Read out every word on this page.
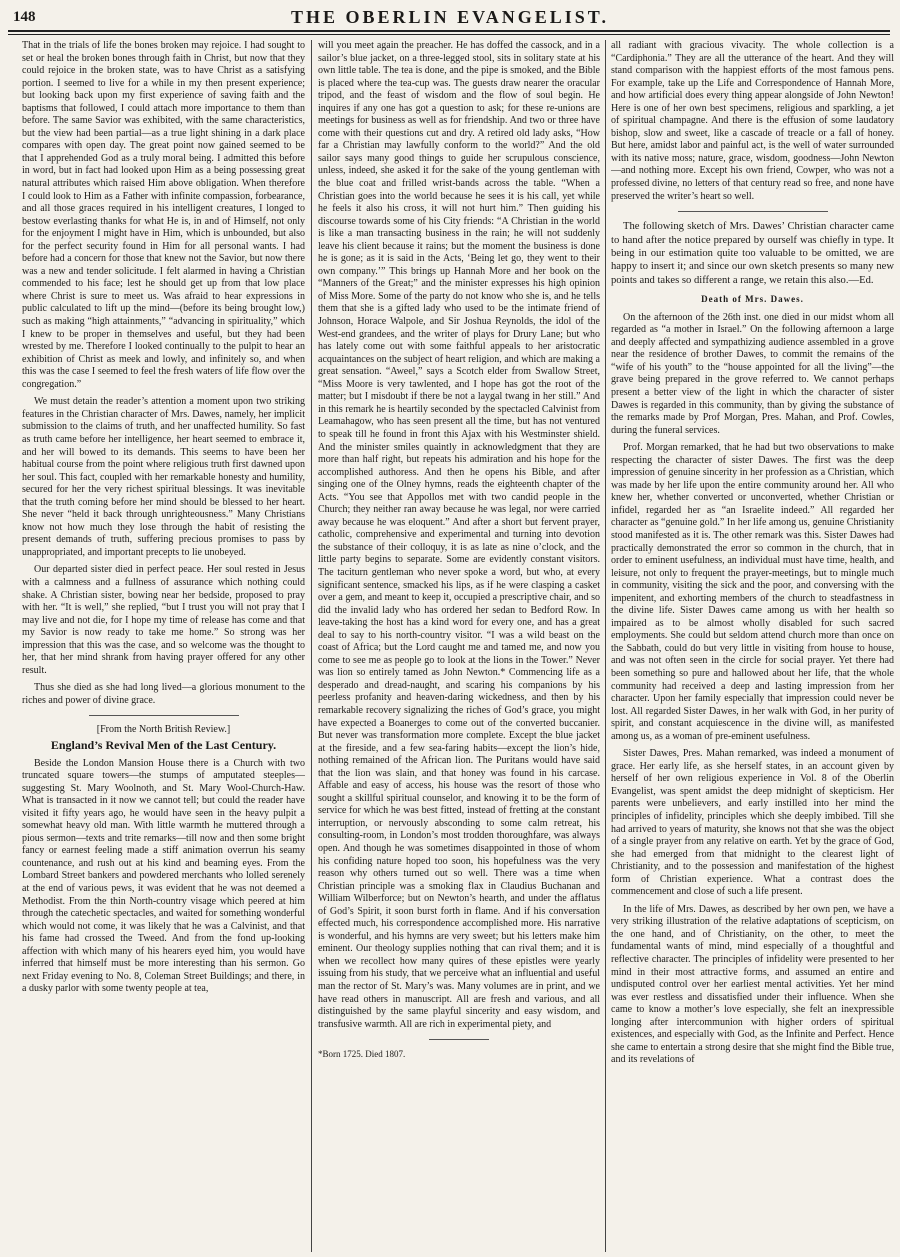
148	THE OBERLIN EVANGELIST.

That in the trials of life the bones broken may rejoice. I had sought to set or heal the broken bones through faith in Christ, but now that they could rejoice in the broken state, was to have Christ as a satisfying portion. I seemed to live for a while in my then present experience; but looking back upon my first experience of saving faith and the baptisms that followed, I could attach more importance to them than before. The same Savior was exhibited, with the same characteristics, but the view had been partial—as a true light shining in a dark place compares with open day. The great point now gained seemed to be that I apprehended God as a truly moral being. I admitted this before in word, but in fact had looked upon Him as a being possessing great natural attributes which raised Him above obligation. When therefore I could look to Him as a Father with infinite compassion, forbearance, and all those graces required in his intelligent creatures, I longed to bestow everlasting thanks for what He is, in and of Himself, not only for the enjoyment I might have in Him, which is unbounded, but also for the perfect security found in Him for all personal wants. I had before had a concern for those that knew not the Savior, but now there was a new and tender solicitude. I felt alarmed in having a Christian commended to his face; lest he should get up from that low place where Christ is sure to meet us. Was afraid to hear expressions in public calculated to lift up the mind—(before its being brought low,) such as making “high attainments,” “advancing in spirituality,” which I knew to be proper in themselves and useful, but they had been wrested by me. Therefore I looked continually to the pulpit to hear an exhibition of Christ as meek and lowly, and infinitely so, and when this was the case I seemed to feel the fresh waters of life flow over the congregation.”

We must detain the reader’s attention a moment upon two striking features in the Christian character of Mrs. Dawes, namely, her implicit submission to the claims of truth, and her unaffected humility. So fast as truth came before her intelligence, her heart seemed to embrace it, and her will bowed to its demands. This seems to have been her habitual course from the point where religious truth first dawned upon her soul. This fact, coupled with her remarkable honesty and humility, secured for her the very richest spiritual blessings. It was inevitable that the truth coming before her mind should be blessed to her heart. She never “held it back through unrighteousness.” Many Christians know not how much they lose through the habit of resisting the present demands of truth, suffering precious promises to pass by unappropriated, and important precepts to lie unobeyed.

Our departed sister died in perfect peace. Her soul rested in Jesus with a calmness and a fullness of assurance which nothing could shake. A Christian sister, bowing near her bedside, proposed to pray with her. “It is well,” she replied, “but I trust you will not pray that I may live and not die, for I hope my time of release has come and that my Savior is now ready to take me home.” So strong was her impression that this was the case, and so welcome was the thought to her, that her mind shrank from having prayer offered for any other result.

Thus she died as she had long lived—a glorious monument to the riches and power of divine grace.

[From the North British Review.]

England’s Revival Men of the Last Century.

Beside the London Mansion House there is a Church with two truncated square towers—the stumps of amputated steeples—suggesting St. Mary Woolnoth, and St. Mary Wool-Church-Haw. What is transacted in it now we cannot tell; but could the reader have visited it fifty years ago, he would have seen in the heavy pulpit a somewhat heavy old man. With little warmth he muttered through a pious sermon—texts and trite remarks—till now and then some bright fancy or earnest feeling made a stiff animation overrun his seamy countenance, and rush out at his kind and beaming eyes. From the Lombard Street bankers and powdered merchants who lolled serenely at the end of various pews, it was evident that he was not deemed a Methodist. From the thin North-country visage which peered at him through the catechetic spectacles, and waited for something wonderful which would not come, it was likely that he was a Calvinist, and that his fame had crossed the Tweed. And from the fond up-looking affection with which many of his hearers eyed him, you would have inferred that himself must be more interesting than his sermon. Go next Friday evening to No. 8, Coleman Street Buildings; and there, in a dusky parlor with some twenty people at tea,

will you meet again the preacher. He has doffed the cassock, and in a sailor’s blue jacket, on a three-legged stool, sits in solitary state at his own little table. The tea is done, and the pipe is smoked, and the Bible is placed where the tea-cup was. The guests draw nearer the oracular tripod, and the feast of wisdom and the flow of soul begin. He inquires if any one has got a question to ask; for these re-unions are meetings for business as well as for friendship. And two or three have come with their questions cut and dry. A retired old lady asks, “How far a Christian may lawfully conform to the world?” And the old sailor says many good things to guide her scrupulous conscience, unless, indeed, she asked it for the sake of the young gentleman with the blue coat and frilled wrist-bands across the table. “When a Christian goes into the world because he sees it is his call, yet while he feels it also his cross, it will not hurt him.” Then guiding his discourse towards some of his City friends: “A Christian in the world is like a man transacting business in the rain; he will not suddenly leave his client because it rains; but the moment the business is done he is gone; as it is said in the Acts, ‘Being let go, they went to their own company.’” This brings up Hannah More and her book on the “Manners of the Great;” and the minister expresses his high opinion of Miss More. Some of the party do not know who she is, and he tells them that she is a gifted lady who used to be the intimate friend of Johnson, Horace Walpole, and Sir Joshua Reynolds, the idol of the West-end grandees, and the writer of plays for Drury Lane; but who has lately come out with some faithful appeals to her aristocratic acquaintances on the subject of heart religion, and which are making a great sensation. “Aweel,” says a Scotch elder from Swallow Street, “Miss Moore is very tawlented, and I hope has got the root of the matter; but I misdoubt if there be not a laygal twang in her still.” And in this remark he is heartily seconded by the spectacled Calvinist from Leamahagow, who has seen present all the time, but has not ventured to speak till he found in front this Ajax with his Westminster shield. And the minister smiles quaintly in acknowledgment that they are more than half right, but repeats his admiration and his hope for the accomplished authoress. And then he opens his Bible, and after singing one of the Olney hymns, reads the eighteenth chapter of the Acts. “You see that Appollos met with two candid people in the Church; they neither ran away because he was legal, nor were carried away because he was eloquent.” And after a short but fervent prayer, catholic, comprehensive and experimental and turning into devotion the substance of their colloquy, it is as late as nine o’clock, and the little party begins to separate. Some are evidently constant visitors. The taciturn gentleman who never spoke a word, but who, at every significant sentence, smacked his lips, as if he were clasping a casket over a gem, and meant to keep it, occupied a prescriptive chair, and so did the invalid lady who has ordered her sedan to Bedford Row. In leave-taking the host has a kind word for every one, and has a great deal to say to his north-country visitor. “I was a wild beast on the coast of Africa; but the Lord caught me and tamed me, and now you come to see me as people go to look at the lions in the Tower.” Never was lion so entirely tamed as John Newton.* Commencing life as a desperado and dread-naught, and scaring his companions by his peerless profanity and heaven-daring wickedness, and then by his remarkable recovery signalizing the riches of God’s grace, you might have expected a Boanerges to come out of the converted buccanier. But never was transformation more complete. Except the blue jacket at the fireside, and a few sea-faring habits—except the lion’s hide, nothing remained of the African lion. The Puritans would have said that the lion was slain, and that honey was found in his carcase. Affable and easy of access, his house was the resort of those who sought a skillful spiritual counselor, and knowing it to be the form of service for which he was best fitted, instead of fretting at the constant interruption, or nervously absconding to some calm retreat, his consulting-room, in London’s most trodden thoroughfare, was always open. And though he was sometimes disappointed in those of whom his confiding nature hoped too soon, his hopefulness was the very reason why others turned out so well. There was a time when Christian principle was a smoking flax in Claudius Buchanan and William Wilberforce; but on Newton’s hearth, and under the afflatus of God’s Spirit, it soon burst forth in flame. And if his conversation effected much, his correspondence accomplished more. His narrative is wonderful, and his hymns are very sweet; but his letters make him eminent. Our theology supplies nothing that can rival them; and it is when we recollect how many quires of these epistles were yearly issuing from his study, that we perceive what an influential and useful man the rector of St. Mary’s was. Many volumes are in print, and we have read others in manuscript. All are fresh and various, and all distinguished by the same playful sincerity and easy wisdom, and transfusive warmth. All are rich in experimental piety, and

*Born 1725. Died 1807.

all radiant with gracious vivacity. The whole collection is a “Cardiphonia.” They are all the utterance of the heart. And they will stand comparison with the happiest efforts of the most famous pens. For example, take up the Life and Correspondence of Hannah More, and how artificial does every thing appear alongside of John Newton! Here is one of her own best specimens, religious and sparkling, a jet of spiritual champagne. And there is the effusion of some laudatory bishop, slow and sweet, like a cascade of treacle or a fall of honey. But here, amidst labor and painful act, is the well of water surrounded with its native moss; nature, grace, wisdom, goodness—John Newton—and nothing more. Except his own friend, Cowper, who was not a professed divine, no letters of that century read so free, and none have preserved the writer’s heart so well.

The following sketch of Mrs. Dawes’ Christian character came to hand after the notice prepared by ourself was chiefly in type. It being in our estimation quite too valuable to be omitted, we are happy to insert it; and since our own sketch presents so many new points and takes so different a range, we retain this also.—Ed.

Death of Mrs. Dawes.

On the afternoon of the 26th inst. one died in our midst whom all regarded as “a mother in Israel.” On the following afternoon a large and deeply affected and sympathizing audience assembled in a grove near the residence of brother Dawes, to commit the remains of the “wife of his youth” to the “house appointed for all the living”—the grave being prepared in the grove referred to. We cannot perhaps present a better view of the light in which the character of sister Dawes is regarded in this community, than by giving the substance of the remarks made by Prof Morgan, Pres. Mahan, and Prof. Cowles, during the funeral services.

Prof. Morgan remarked, that he had but two observations to make respecting the character of sister Dawes. The first was the deep impression of genuine sincerity in her profession as a Christian, which was made by her life upon the entire community around her. All who knew her, whether converted or unconverted, whether Christian or infidel, regarded her as “an Israelite indeed.” All regarded her character as “genuine gold.” In her life among us, genuine Christianity stood manifested as it is. The other remark was this. Sister Dawes had practically demonstrated the error so common in the church, that in order to eminent usefulness, an individual must have time, health, and leisure, not only to frequent the prayer-meetings, but to mingle much in community, visiting the sick and the poor, and conversing with the impenitent, and exhorting members of the church to steadfastness in the divine life. Sister Dawes came among us with her health so impaired as to be almost wholly disabled for such sacred employments. She could but seldom attend church more than once on the Sabbath, could do but very little in visiting from house to house, and was not often seen in the circle for social prayer. Yet there had been something so pure and hallowed about her life, that the whole community had received a deep and lasting impression from her character. Upon her family especially that impression could never be lost. All regarded Sister Dawes, in her walk with God, in her purity of spirit, and constant acquiescence in the divine will, as manifested among us, as a woman of pre-eminent usefulness.

Sister Dawes, Pres. Mahan remarked, was indeed a monument of grace. Her early life, as she herself states, in an account given by herself of her own religious experience in Vol. 8 of the Oberlin Evangelist, was spent amidst the deep midnight of skepticism. Her parents were unbelievers, and early instilled into her mind the principles of infidelity, principles which she deeply imbibed. Till she had arrived to years of maturity, she knows not that she was the object of a single prayer from any relative on earth. Yet by the grace of God, she had emerged from that midnight to the clearest light of Christianity, and to the possession and manifestation of the highest form of Christian experience. What a contrast does the commencement and close of such a life present.

In the life of Mrs. Dawes, as described by her own pen, we have a very striking illustration of the relative adaptations of scepticism, on the one hand, and of Christianity, on the other, to meet the fundamental wants of mind, mind especially of a thoughtful and reflective character. The principles of infidelity were presented to her mind in their most attractive forms, and assumed an entire and undisputed control over her earliest mental activities. Yet her mind was ever restless and dissatisfied under their influence. When she came to know a mother’s love especially, she felt an inexpressible longing after intercommunion with higher orders of spiritual existences, and especially with God, as the Infinite and Perfect. Hence she came to entertain a strong desire that she might find the Bible true, and its revelations of
